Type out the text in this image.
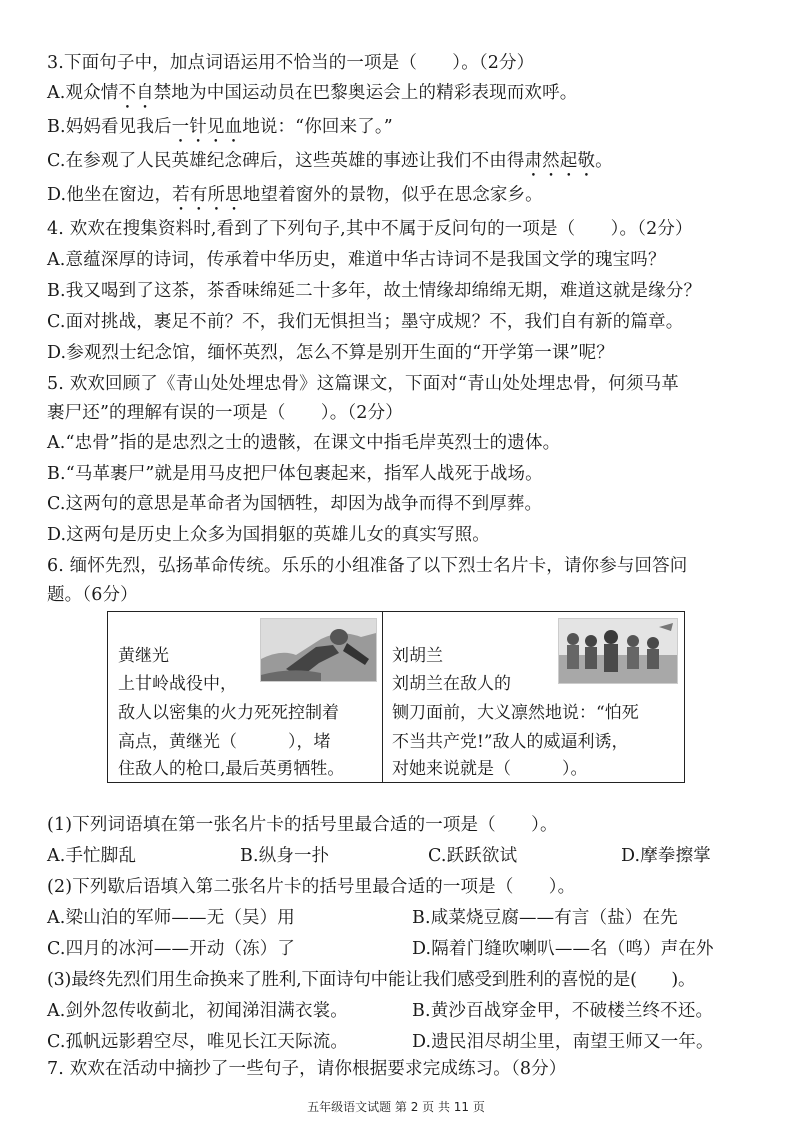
3.下面句子中，加点词语运用不恰当的一项是（　　）。（2分）
A.观众情不自禁地为中国运动员在巴黎奥运会上的精彩表现而欢呼。
B.妈妈看见我后一针见血地说：“你回来了。”
C.在参观了人民英雄纪念碑后，这些英雄的事迹让我们不由得肃然起敬。
D.他坐在窗边，若有所思地望着窗外的景物，似乎在思念家乡。
4. 欢欢在搜集资料时,看到了下列句子,其中不属于反问句的一项是（　　）。（2分）
A.意蕴深厚的诗词，传承着中华历史，难道中华古诗词不是我国文学的瑰宝吗？
B.我又喝到了这茶，茶香味绵延二十多年，故土情缘却绵绵无期，难道这就是缘分？
C.面对挑战，裹足不前？不，我们无惧担当；墨守成规？不，我们自有新的篇章。
D.参观烈士纪念馆，缅怀英烈，怎么不算是别开生面的“开学第一课”呢？
5. 欢欢回顾了《青山处处埋忠骨》这篇课文，下面对“青山处处埋忠骨，何须马革
裹尸还”的理解有误的一项是（　　）。（2分）
A.“忠骨”指的是忠烈之士的遗骸，在课文中指毛岸英烈士的遗体。
B.“马革裹尸”就是用马皮把尸体包裹起来，指军人战死于战场。
C.这两句的意思是革命者为国牺牲，却因为战争而得不到厚葬。
D.这两句是历史上众多为国捐躯的英雄儿女的真实写照。
6. 缅怀先烈，弘扬革命传统。乐乐的小组准备了以下烈士名片卡，请你参与回答问
题。（6分）
黄继光
上甘岭战役中，
敌人以密集的火力死死控制着
高点，黄继光（　　　），堵
住敌人的枪口,最后英勇牺牲。
刘胡兰
刘胡兰在敌人的
铡刀面前，大义凛然地说：“怕死
不当共产党!”敌人的威逼利诱，
对她来说就是（　　　）。
(1)下列词语填在第一张名片卡的括号里最合适的一项是（　　）。
A.手忙脚乱	B.纵身一扑	C.跃跃欲试	D.摩拳擦掌
(2)下列歇后语填入第二张名片卡的括号里最合适的一项是（　　）。
A.梁山泊的军师——无（吴）用	B.咸菜烧豆腐——有言（盐）在先
C.四月的冰河——开动（冻）了	D.隔着门缝吹喇叭——名（鸣）声在外
(3)最终先烈们用生命换来了胜利,下面诗句中能让我们感受到胜利的喜悦的是(　　)。
A.剑外忽传收蓟北，初闻涕泪满衣裳。	B.黄沙百战穿金甲，不破楼兰终不还。
C.孤帆远影碧空尽，唯见长江天际流。	D.遗民泪尽胡尘里，南望王师又一年。
7. 欢欢在活动中摘抄了一些句子，请你根据要求完成练习。（8分）
五年级语文试题 第 2 页 共 11 页
